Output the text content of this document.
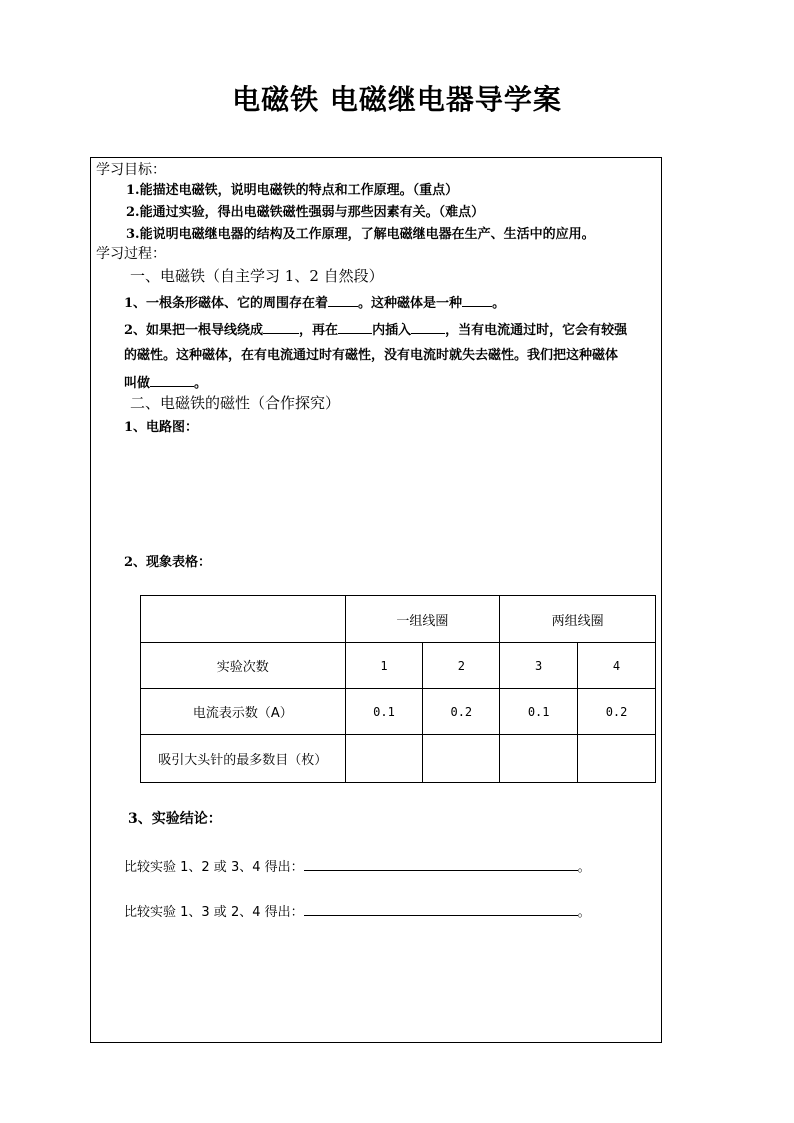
电磁铁 电磁继电器导学案
学习目标：
1.能描述电磁铁，说明电磁铁的特点和工作原理。（重点）
2.能通过实验，得出电磁铁磁性强弱与那些因素有关。（难点）
3.能说明电磁继电器的结构及工作原理，了解电磁继电器在生产、生活中的应用。
学习过程：
一、电磁铁（自主学习 1、2 自然段）
1、一根条形磁体、它的周围存在着 。这种磁体是一种 。
2、如果把一根导线绕成	，再在	内插入	，当有电流通过时，它会有较强
的磁性。这种磁体，在有电流通过时有磁性，没有电流时就失去磁性。我们把这种磁体
叫做	。
二、电磁铁的磁性（合作探究）
1、电路图：
2、现象表格：
	一组线圈		两组线圈	
实验次数	1	2	3	4
电流表示数（A）	0.1	0.2	0.1	0.2
吸引大头针的最多数目（枚）				
3、实验结论：
比较实验 1、2 或 3、4 得出：	。
比较实验 1、3 或 2、4 得出：	。
